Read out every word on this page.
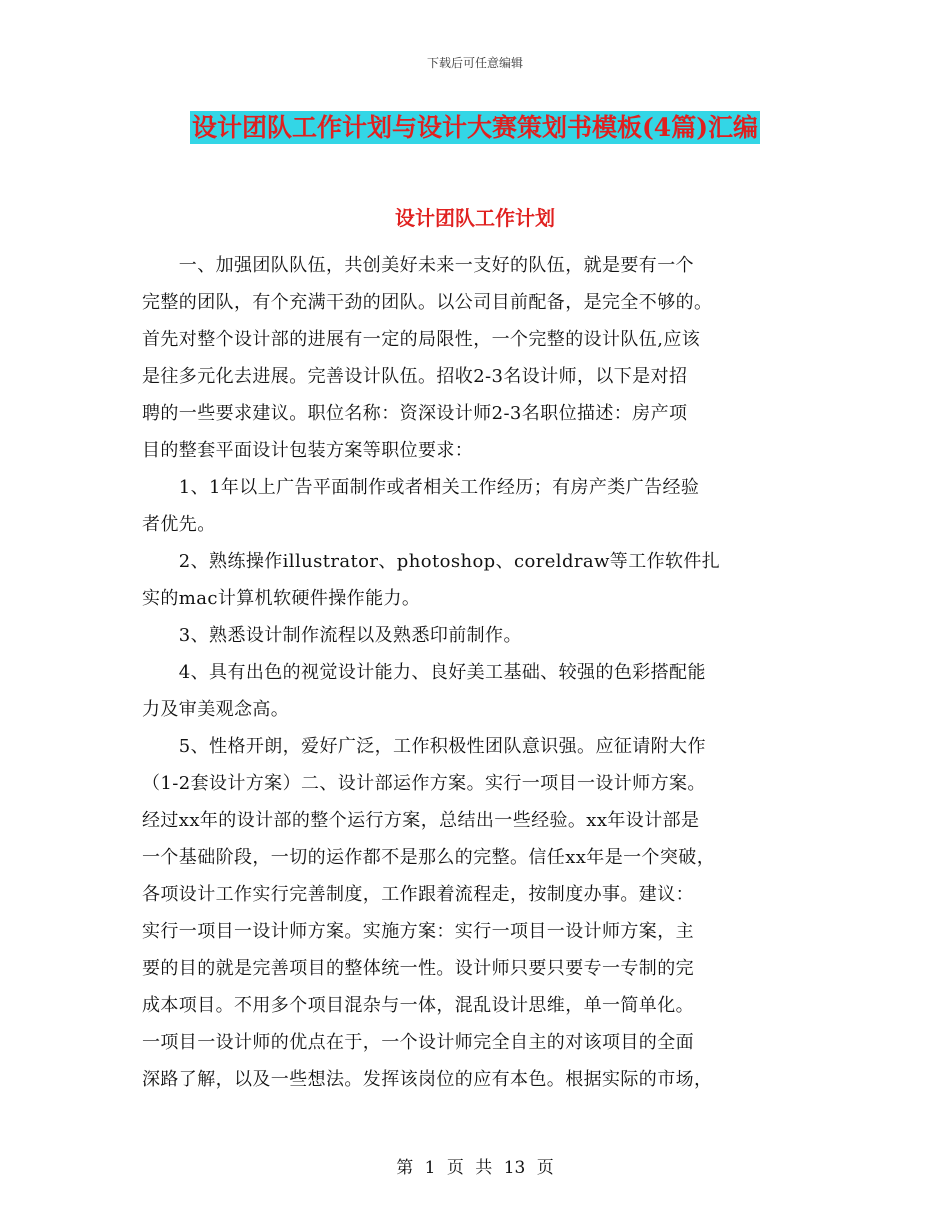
下载后可任意编辑
设计团队工作计划与设计大赛策划书模板(4篇)汇编
设计团队工作计划
　　一、加强团队队伍，共创美好未来一支好的队伍，就是要有一个
完整的团队，有个充满干劲的团队。以公司目前配备，是完全不够的。
首先对整个设计部的进展有一定的局限性，一个完整的设计队伍,应该
是往多元化去进展。完善设计队伍。招收2-3名设计师，以下是对招
聘的一些要求建议。职位名称：资深设计师2-3名职位描述：房产项
目的整套平面设计包装方案等职位要求：
　　1、1年以上广告平面制作或者相关工作经历；有房产类广告经验
者优先。
　　2、熟练操作illustrator、photoshop、coreldraw等工作软件扎
实的mac计算机软硬件操作能力。
　　3、熟悉设计制作流程以及熟悉印前制作。
　　4、具有出色的视觉设计能力、良好美工基础、较强的色彩搭配能
力及审美观念高。
　　5、性格开朗，爱好广泛，工作积极性团队意识强。应征请附大作
（1-2套设计方案）二、设计部运作方案。实行一项目一设计师方案。
经过xx年的设计部的整个运行方案，总结出一些经验。xx年设计部是
一个基础阶段，一切的运作都不是那么的完整。信任xx年是一个突破，
各项设计工作实行完善制度，工作跟着流程走，按制度办事。建议：
实行一项目一设计师方案。实施方案：实行一项目一设计师方案，主
要的目的就是完善项目的整体统一性。设计师只要只要专一专制的完
成本项目。不用多个项目混杂与一体，混乱设计思维，单一简单化。
一项目一设计师的优点在于，一个设计师完全自主的对该项目的全面
深路了解，以及一些想法。发挥该岗位的应有本色。根据实际的市场，
第 1 页 共 13 页
